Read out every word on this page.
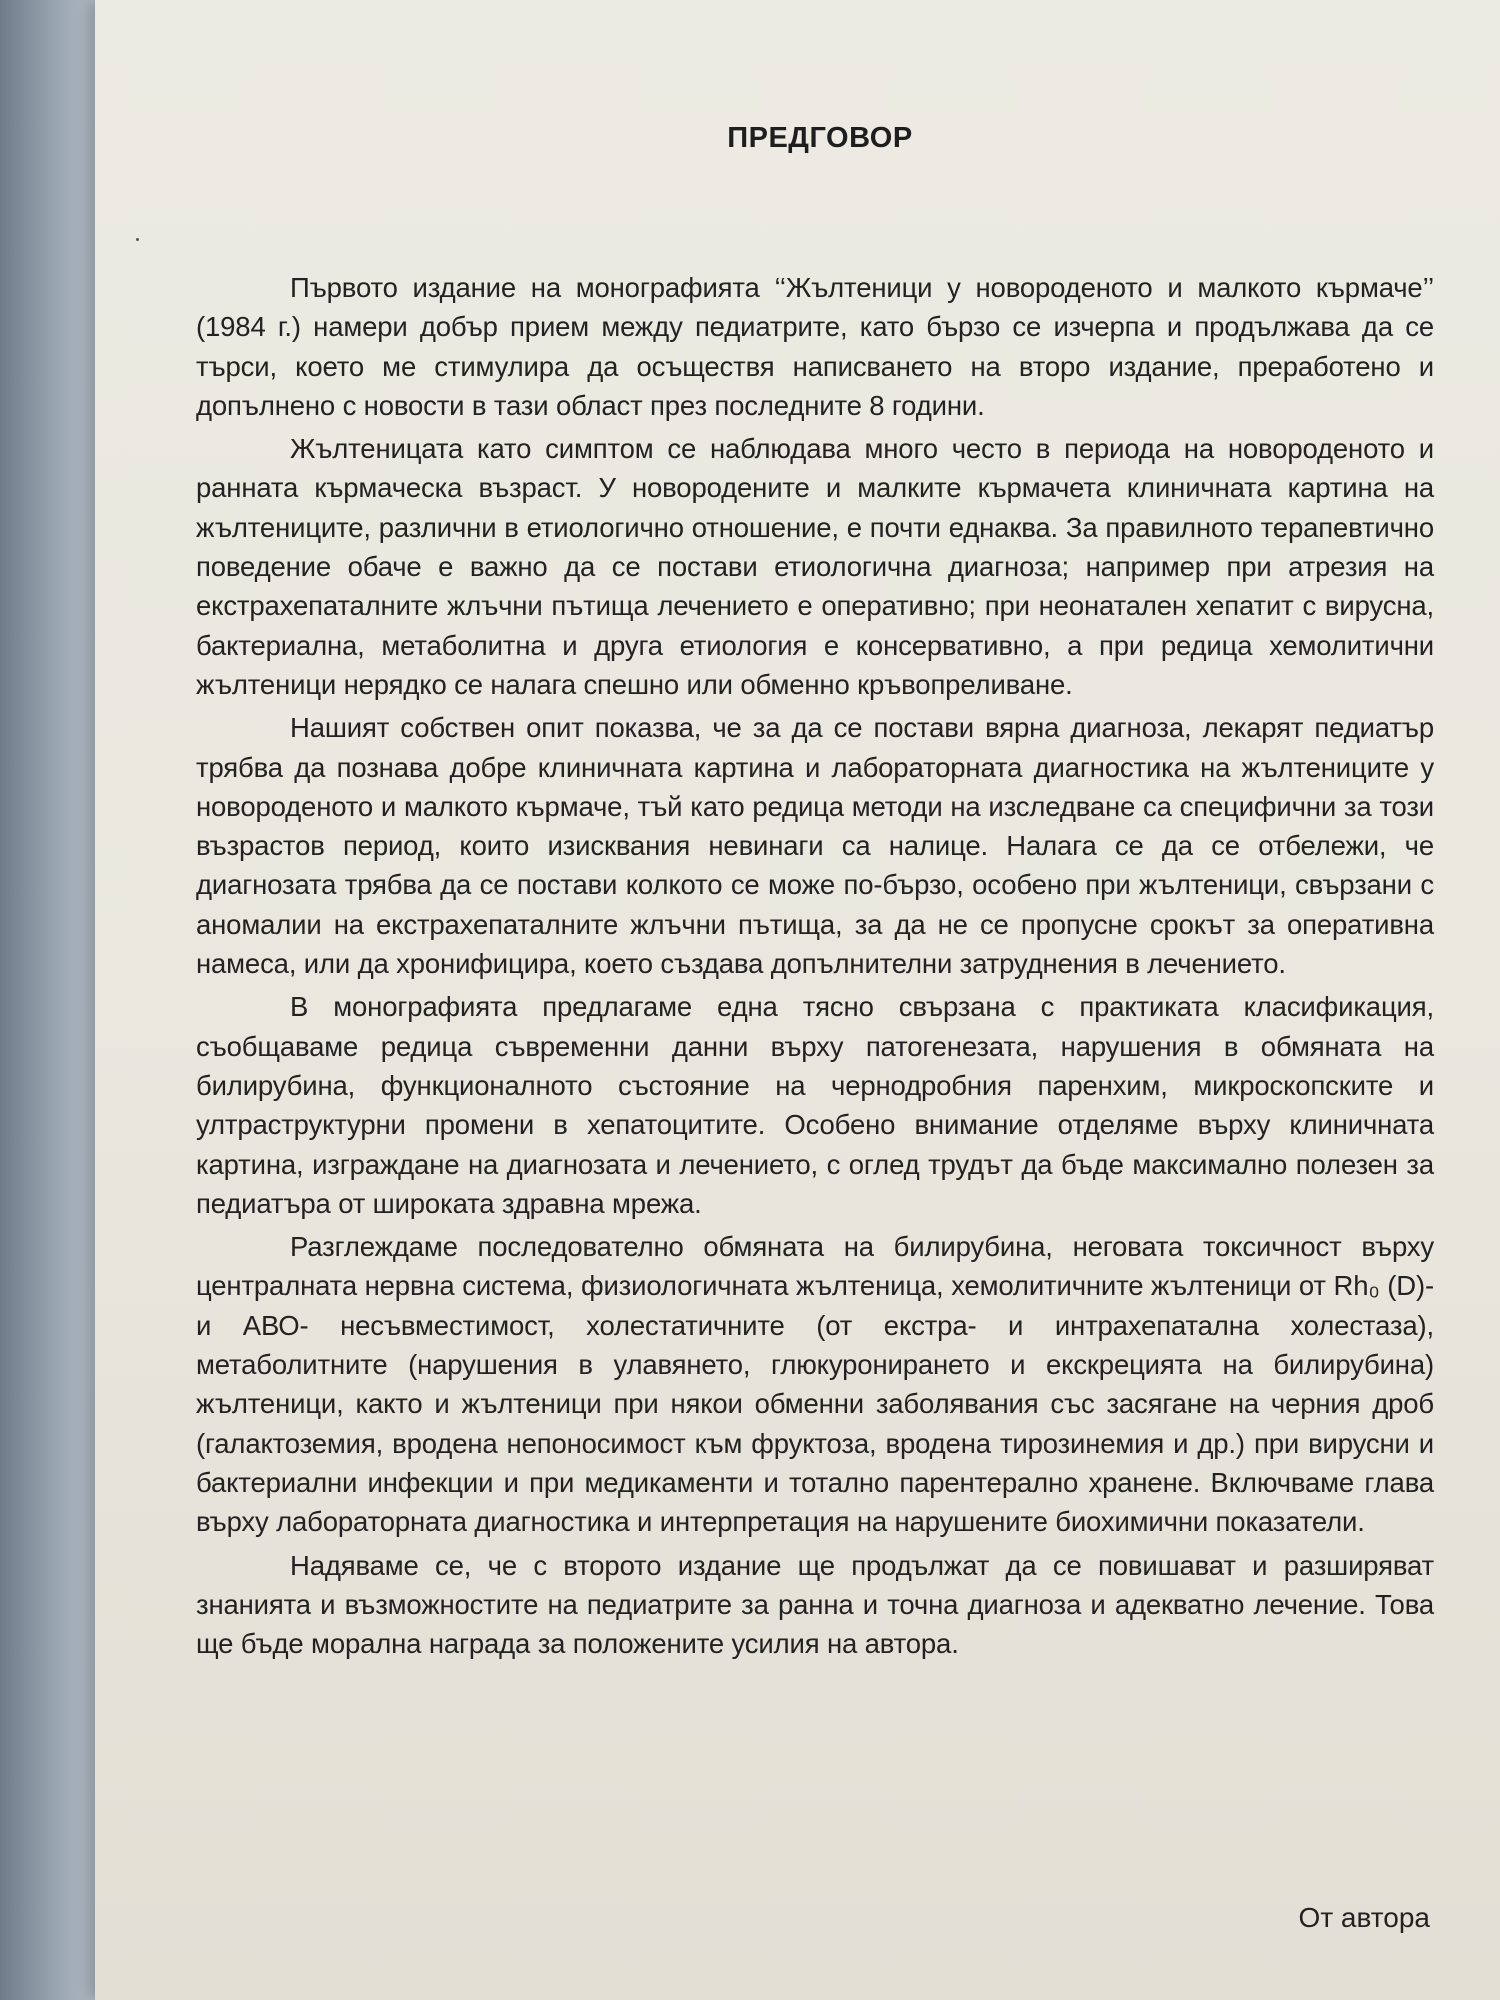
ПРЕДГОВОР

Първото издание на монографията ‘‘Жълтеници у новороденото и малкото кърмаче’’ (1984 г.) намери добър прием между педиатрите, като бързо се изчерпа и продължава да се търси, което ме стимулира да осъществя написването на второ издание, преработено и допълнено с новости в тази област през последните 8 години.

Жълтеницата като симптом се наблюдава много често в периода на новороденото и ранната кърмаческа възраст. У новородените и малките кърмачета клиничната картина на жълтениците, различни в етиологично отношение, е почти еднаква. За правилното терапевтично поведение обаче е важно да се постави етиологична диагноза; например при атрезия на екстрахепаталните жлъчни пътища лечението е оперативно; при неонатален хепатит с вирусна, бактериална, метаболитна и друга етиология е консервативно, а при редица хемолитични жълтеници нерядко се налага спешно или обменно кръвопреливане.

Нашият собствен опит показва, че за да се постави вярна диагноза, лекарят педиатър трябва да познава добре клиничната картина и лабораторната диагностика на жълтениците у новороденото и малкото кърмаче, тъй като редица методи на изследване са специфични за този възрастов период, които изисквания невинаги са налице. Налага се да се отбележи, че диагнозата трябва да се постави колкото се може по-бързо, особено при жълтеници, свързани с аномалии на екстрахепаталните жлъчни пътища, за да не се пропусне срокът за оперативна намеса, или да хронифицира, което създава допълнителни затруднения в лечението.

В монографията предлагаме една тясно свързана с практиката класификация, съобщаваме редица съвременни данни върху патогенезата, нарушения в обмяната на билирубина, функционалното състояние на чернодробния паренхим, микроскопските и ултраструктурни промени в хепатоцитите. Особено внимание отделяме върху клиничната картина, изграждане на диагнозата и лечението, с оглед трудът да бъде максимално полезен за педиатъра от широката здравна мрежа.

Разглеждаме последователно обмяната на билирубина, неговата токсичност върху централната нервна система, физиологичната жълтеница, хемолитичните жълтеници от Rh₀ (D)- и АВО- несъвместимост, холестатичните (от екстра- и интрахепатална холестаза), метаболитните (нарушения в улавянето, глюкуронирането и екскрецията на билирубина) жълтеници, както и жълтеници при някои обменни заболявания със засягане на черния дроб (галактоземия, вродена непоносимост към фруктоза, вродена тирозинемия и др.) при вирусни и бактериални инфекции и при медикаменти и тотално парентерално хранене. Включваме глава върху лабораторната диагностика и интерпретация на нарушените биохимични показатели.

Надяваме се, че с второто издание ще продължат да се повишават и разширяват знанията и възможностите на педиатрите за ранна и точна диагноза и адекватно лечение. Това ще бъде морална награда за положените усилия на автора.

От автора
